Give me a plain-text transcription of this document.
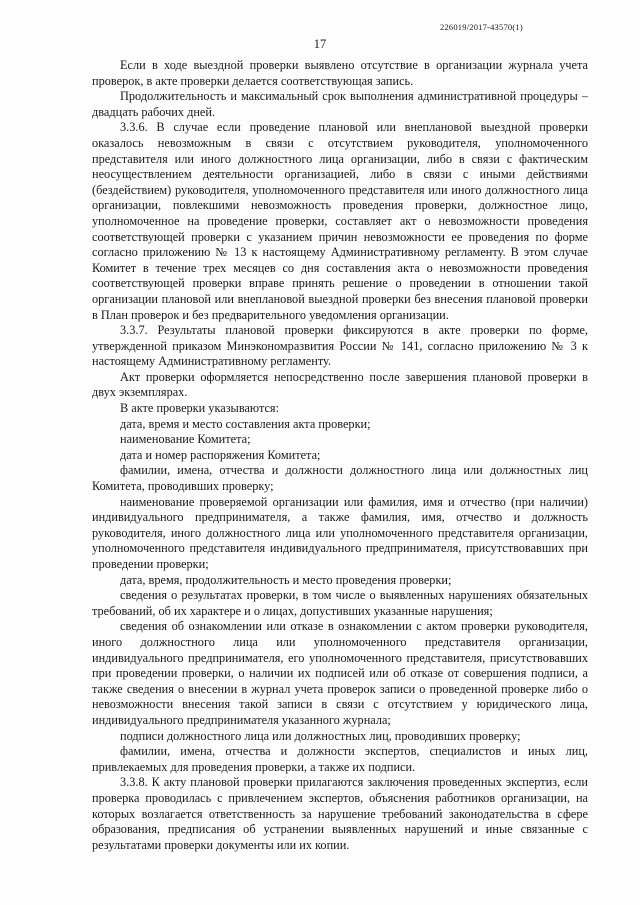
226019/2017-43570(1)
17

Если в ходе выездной проверки выявлено отсутствие в организации журнала учета проверок, в акте проверки делается соответствующая запись.

Продолжительность и максимальный срок выполнения административной процедуры – двадцать рабочих дней.

3.3.6. В случае если проведение плановой или внеплановой выездной проверки оказалось невозможным в связи с отсутствием руководителя, уполномоченного представителя или иного должностного лица организации, либо в связи с фактическим неосуществлением деятельности организацией, либо в связи с иными действиями (бездействием) руководителя, уполномоченного представителя или иного должностного лица организации, повлекшими невозможность проведения проверки, должностное лицо, уполномоченное на проведение проверки, составляет акт о невозможности проведения соответствующей проверки с указанием причин невозможности ее проведения по форме согласно приложению № 13 к настоящему Административному регламенту. В этом случае Комитет в течение трех месяцев со дня составления акта о невозможности проведения соответствующей проверки вправе принять решение о проведении в отношении такой организации плановой или внеплановой выездной проверки без внесения плановой проверки в План проверок и без предварительного уведомления организации.

3.3.7. Результаты плановой проверки фиксируются в акте проверки по форме, утвержденной приказом Минэкономразвития России № 141, согласно приложению № 3 к настоящему Административному регламенту.

Акт проверки оформляется непосредственно после завершения плановой проверки в двух экземплярах.

В акте проверки указываются:

дата, время и место составления акта проверки;

наименование Комитета;

дата и номер распоряжения Комитета;

фамилии, имена, отчества и должности должностного лица или должностных лиц Комитета, проводивших проверку;

наименование проверяемой организации или фамилия, имя и отчество (при наличии) индивидуального предпринимателя, а также фамилия, имя, отчество и должность руководителя, иного должностного лица или уполномоченного представителя организации, уполномоченного представителя индивидуального предпринимателя, присутствовавших при проведении проверки;

дата, время, продолжительность и место проведения проверки;

сведения о результатах проверки, в том числе о выявленных нарушениях обязательных требований, об их характере и о лицах, допустивших указанные нарушения;

сведения об ознакомлении или отказе в ознакомлении с актом проверки руководителя, иного должностного лица или уполномоченного представителя организации, индивидуального предпринимателя, его уполномоченного представителя, присутствовавших при проведении проверки, о наличии их подписей или об отказе от совершения подписи, а также сведения о внесении в журнал учета проверок записи о проведенной проверке либо о невозможности внесения такой записи в связи с отсутствием у юридического лица, индивидуального предпринимателя указанного журнала;

подписи должностного лица или должностных лиц, проводивших проверку;

фамилии, имена, отчества и должности экспертов, специалистов и иных лиц, привлекаемых для проведения проверки, а также их подписи.

3.3.8. К акту плановой проверки прилагаются заключения проведенных экспертиз, если проверка проводилась с привлечением экспертов, объяснения работников организации, на которых возлагается ответственность за нарушение требований законодательства в сфере образования, предписания об устранении выявленных нарушений и иные связанные с результатами проверки документы или их копии.
